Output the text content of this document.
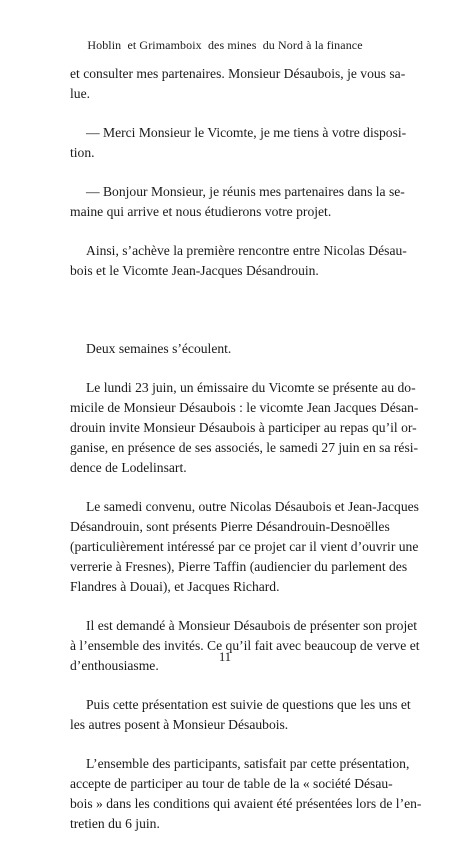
Hoblin  et Grimamboix  des mines  du Nord à la finance

et consulter mes partenaires. Monsieur Désaubois, je vous sa-
lue.

— Merci Monsieur le Vicomte, je me tiens à votre disposi-
tion.

— Bonjour Monsieur, je réunis mes partenaires dans la se-
maine qui arrive et nous étudierons votre projet.

Ainsi, s’achève la première rencontre entre Nicolas Désau-
bois et le Vicomte Jean-Jacques Désandrouin.

Deux semaines s’écoulent.

Le lundi 23 juin, un émissaire du Vicomte se présente au do-
micile de Monsieur Désaubois : le vicomte Jean Jacques Désan-
drouin invite Monsieur Désaubois à participer au repas qu’il or-
ganise, en présence de ses associés, le samedi 27 juin en sa rési-
dence de Lodelinsart.

Le samedi convenu, outre Nicolas Désaubois et Jean-Jacques
Désandrouin, sont présents Pierre Désandrouin-Desnoëlles
(particulièrement intéressé par ce projet car il vient d’ouvrir une
verrerie à Fresnes), Pierre Taffin (audiencier du parlement des
Flandres à Douai), et Jacques Richard.

Il est demandé à Monsieur Désaubois de présenter son projet
à l’ensemble des invités. Ce qu’il fait avec beaucoup de verve et
d’enthousiasme.

Puis cette présentation est suivie de questions que les uns et
les autres posent à Monsieur Désaubois.

L’ensemble des participants, satisfait par cette présentation,
accepte de participer au tour de table de la « société Désau-
bois » dans les conditions qui avaient été présentées lors de l’en-
tretien du 6 juin.

11
